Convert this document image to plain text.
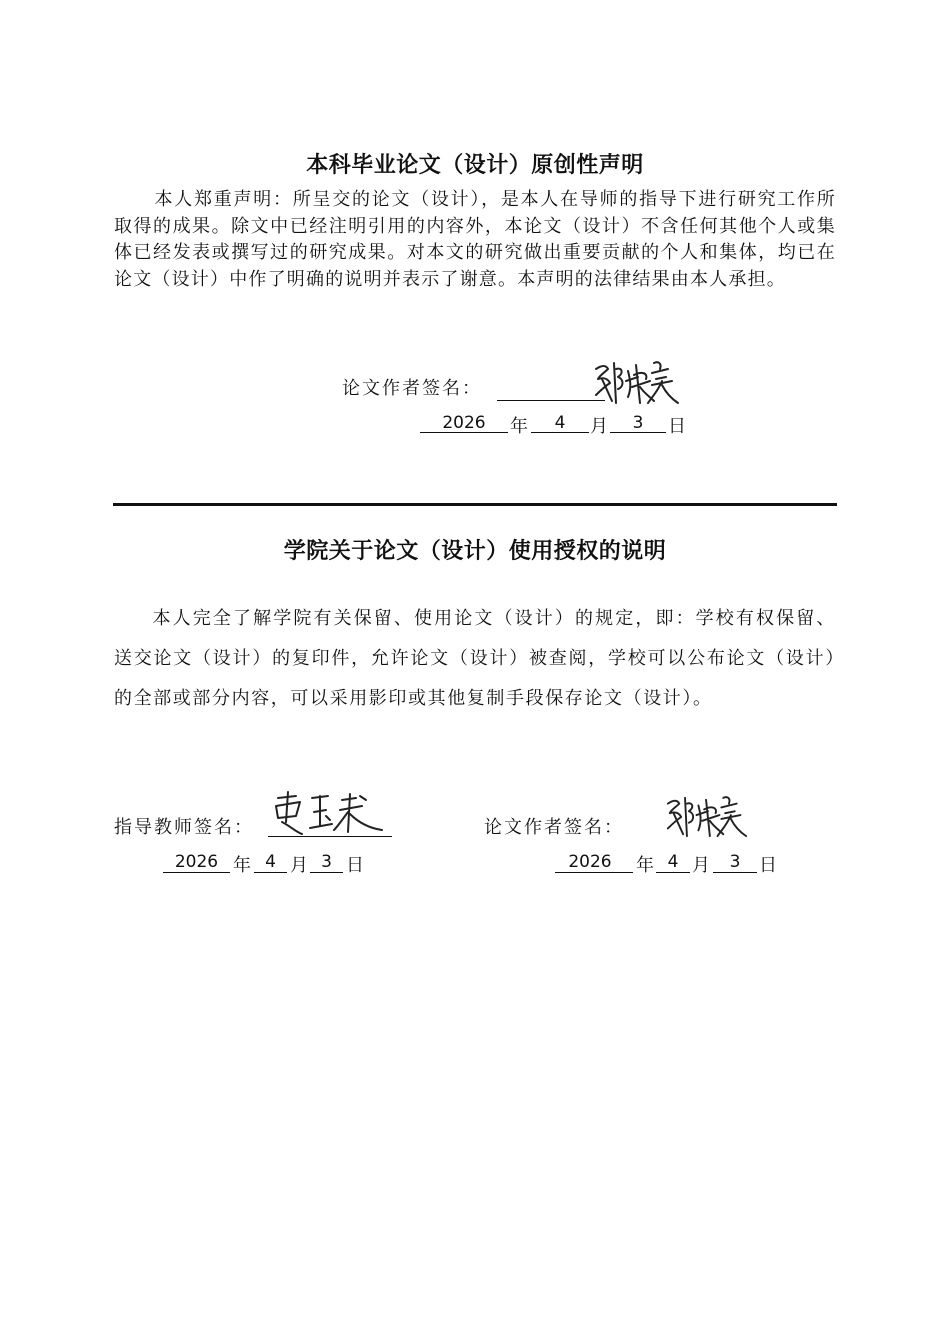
本科毕业论文（设计）原创性声明
本人郑重声明：所呈交的论文（设计），是本人在导师的指导下进行研究工作所取得的成果。除文中已经注明引用的内容外，本论文（设计）不含任何其他个人或集体已经发表或撰写过的研究成果。对本文的研究做出重要贡献的个人和集体，均已在论文（设计）中作了明确的说明并表示了谢意。本声明的法律结果由本人承担。
论文作者签名：
2026	年	4	月	3	日
学院关于论文（设计）使用授权的说明
本人完全了解学院有关保留、使用论文（设计）的规定，即：学校有权保留、送交论文（设计）的复印件，允许论文（设计）被查阅，学校可以公布论文（设计）的全部或部分内容，可以采用影印或其他复制手段保存论文（设计）。
指导教师签名：	论文作者签名：
2026 年 4 月 3 日	2026	年 4 月	3	日
